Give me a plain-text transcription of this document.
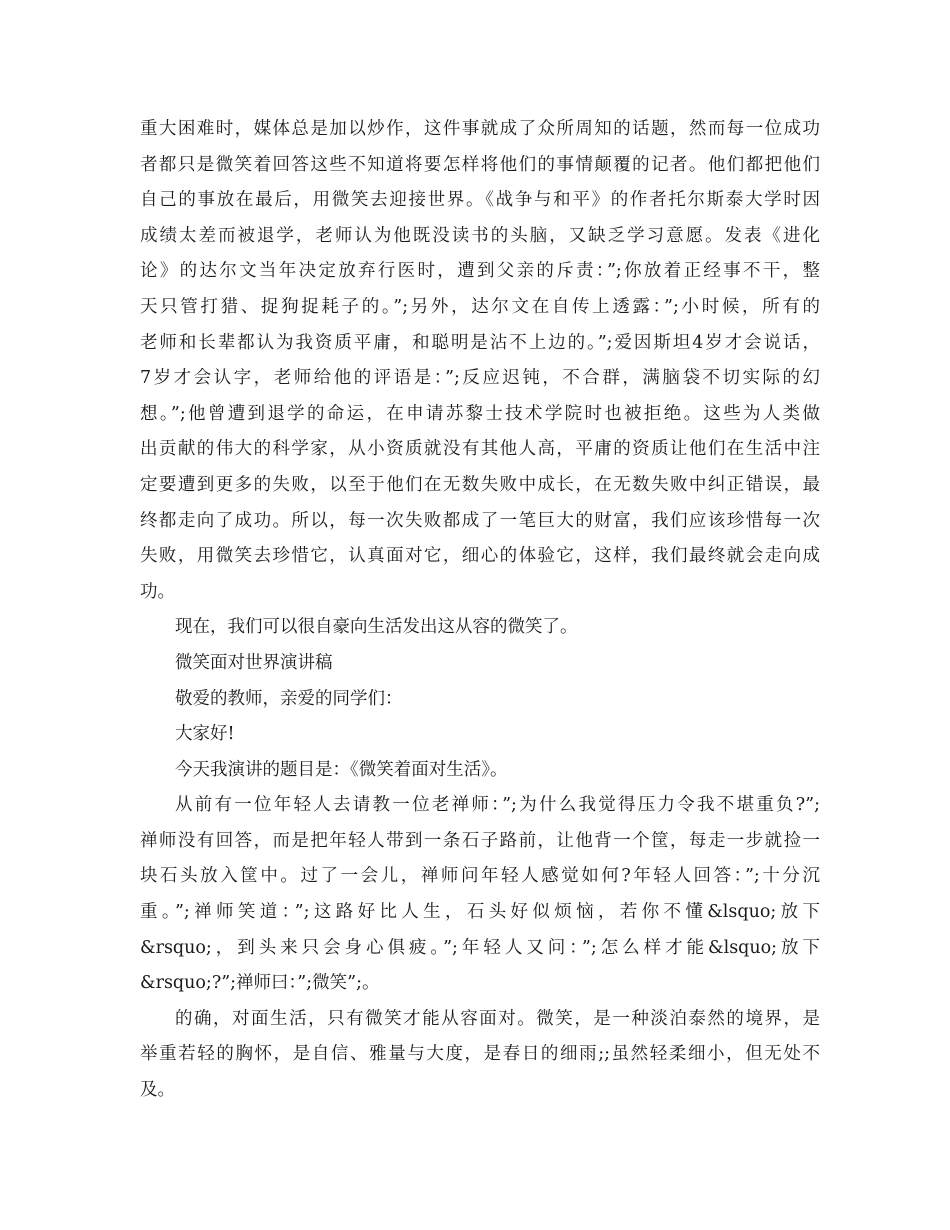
重大困难时，媒体总是加以炒作，这件事就成了众所周知的话题，然而每一位成功
者都只是微笑着回答这些不知道将要怎样将他们的事情颠覆的记者。他们都把他们
自己的事放在最后，用微笑去迎接世界。《战争与和平》的作者托尔斯泰大学时因
成绩太差而被退学，老师认为他既没读书的头脑，又缺乏学习意愿。发表《进化
论》的达尔文当年决定放弃行医时，遭到父亲的斥责：”;你放着正经事不干，整
天只管打猎、捉狗捉耗子的。”;另外，达尔文在自传上透露：”;小时候，所有的
老师和长辈都认为我资质平庸，和聪明是沾不上边的。”;爱因斯坦4岁才会说话，
7岁才会认字，老师给他的评语是：”;反应迟钝，不合群，满脑袋不切实际的幻
想。”;他曾遭到退学的命运，在申请苏黎士技术学院时也被拒绝。这些为人类做
出贡献的伟大的科学家，从小资质就没有其他人高，平庸的资质让他们在生活中注
定要遭到更多的失败，以至于他们在无数失败中成长，在无数失败中纠正错误，最
终都走向了成功。所以，每一次失败都成了一笔巨大的财富，我们应该珍惜每一次
失败，用微笑去珍惜它，认真面对它，细心的体验它，这样，我们最终就会走向成
功。
现在，我们可以很自豪向生活发出这从容的微笑了。
微笑面对世界演讲稿
敬爱的教师，亲爱的同学们：
大家好!
今天我演讲的题目是：《微笑着面对生活》。
从前有一位年轻人去请教一位老禅师：”;为什么我觉得压力令我不堪重负?”;
禅师没有回答，而是把年轻人带到一条石子路前，让他背一个筐，每走一步就捡一
块石头放入筐中。过了一会儿，禅师问年轻人感觉如何?年轻人回答：”;十分沉
重。”;禅师笑道：”;这路好比人生，石头好似烦恼，若你不懂&lsquo;放下
&rsquo;，到头来只会身心俱疲。”;年轻人又问：”;怎么样才能&lsquo;放下
&rsquo;?”;禅师曰：”;微笑”;。
的确，对面生活，只有微笑才能从容面对。微笑，是一种淡泊泰然的境界，是
举重若轻的胸怀，是自信、雅量与大度，是春日的细雨;;虽然轻柔细小，但无处不
及。
